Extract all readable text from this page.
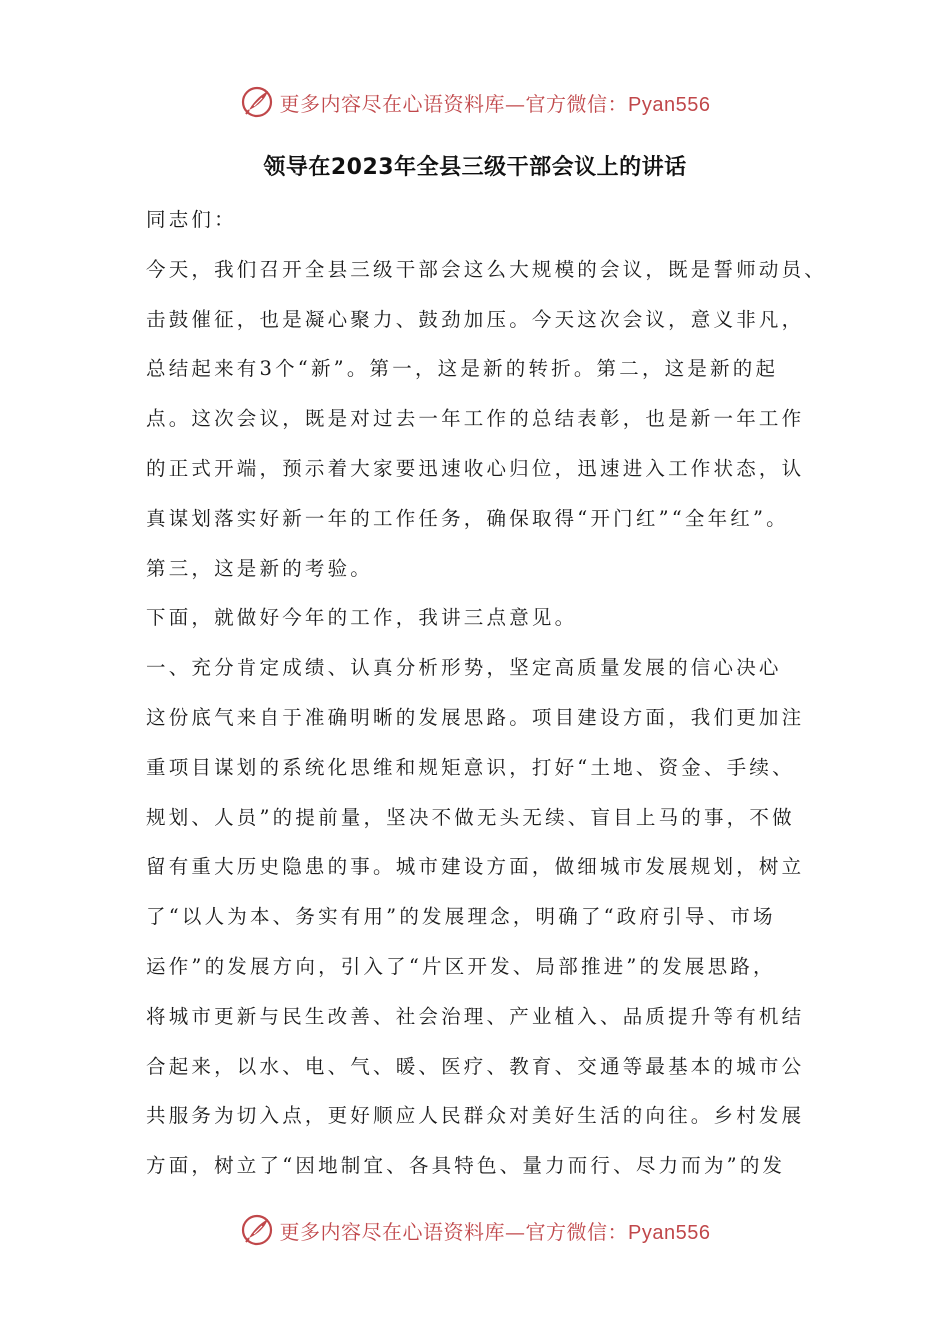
更多内容尽在心语资料库—官方微信：Pyan556
领导在2023年全县三级干部会议上的讲话
同志们：
今天，我们召开全县三级干部会这么大规模的会议，既是誓师动员、
击鼓催征，也是凝心聚力、鼓劲加压。今天这次会议，意义非凡，
总结起来有3个“新”。第一，这是新的转折。第二，这是新的起
点。这次会议，既是对过去一年工作的总结表彰，也是新一年工作
的正式开端，预示着大家要迅速收心归位，迅速进入工作状态，认
真谋划落实好新一年的工作任务，确保取得“开门红”“全年红”。
第三，这是新的考验。
下面，就做好今年的工作，我讲三点意见。
一、充分肯定成绩、认真分析形势，坚定高质量发展的信心决心
这份底气来自于准确明晰的发展思路。项目建设方面，我们更加注
重项目谋划的系统化思维和规矩意识，打好“土地、资金、手续、
规划、人员”的提前量，坚决不做无头无续、盲目上马的事，不做
留有重大历史隐患的事。城市建设方面，做细城市发展规划，树立
了“以人为本、务实有用”的发展理念，明确了“政府引导、市场
运作”的发展方向，引入了“片区开发、局部推进”的发展思路，
将城市更新与民生改善、社会治理、产业植入、品质提升等有机结
合起来，以水、电、气、暖、医疗、教育、交通等最基本的城市公
共服务为切入点，更好顺应人民群众对美好生活的向往。乡村发展
方面，树立了“因地制宜、各具特色、量力而行、尽力而为”的发
更多内容尽在心语资料库—官方微信：Pyan556
